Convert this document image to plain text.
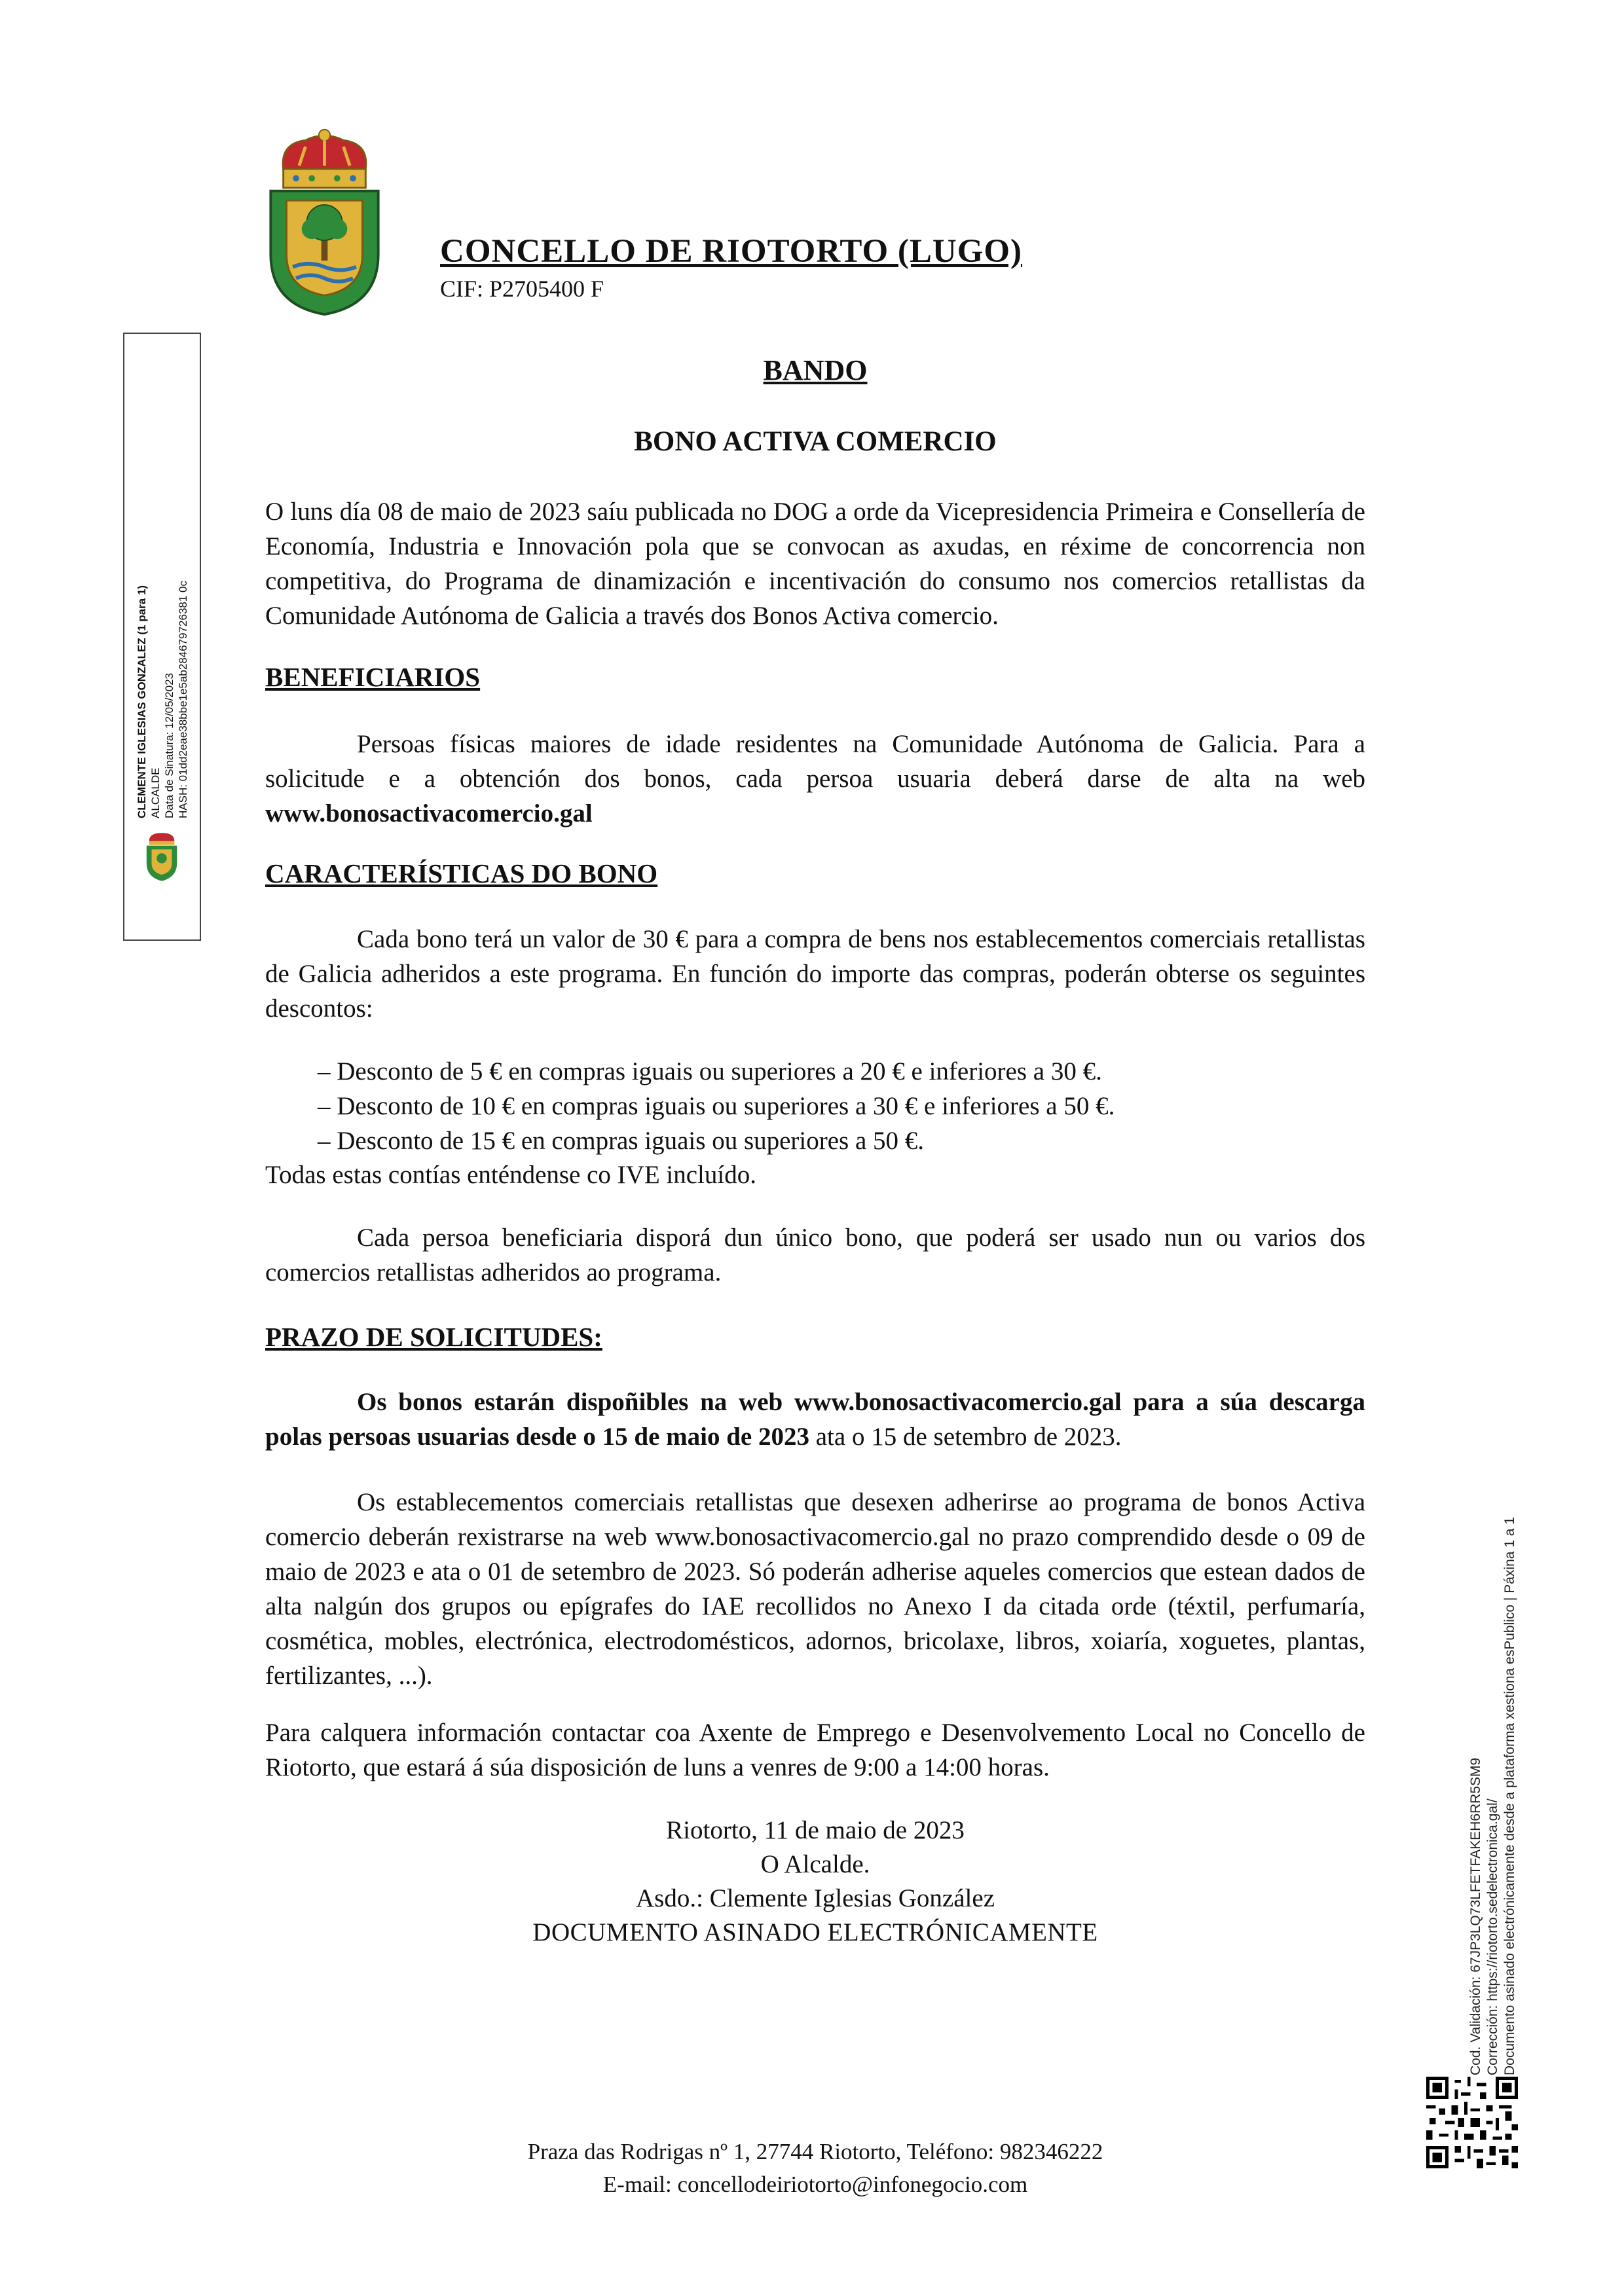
CONCELLO DE RIOTORTO (LUGO)
CIF: P2705400 F
BANDO
BONO ACTIVA COMERCIO
O luns día 08 de maio de 2023 saíu publicada no DOG a orde da Vicepresidencia Primeira e Consellería de Economía, Industria e Innovación pola que se convocan as axudas, en réxime de concorrencia non competitiva, do Programa de dinamización e incentivación do consumo nos comercios retallistas da Comunidade Autónoma de Galicia a través dos Bonos Activa comercio.
BENEFICIARIOS
Persoas físicas maiores de idade residentes na Comunidade Autónoma de Galicia. Para a solicitude e a obtención dos bonos, cada persoa usuaria deberá darse de alta na web www.bonosactivacomercio.gal
CARACTERÍSTICAS DO BONO
Cada bono terá un valor de 30 € para a compra de bens nos establecementos comerciais retallistas de Galicia adheridos a este programa. En función do importe das compras, poderán obterse os seguintes descontos:
– Desconto de 5 € en compras iguais ou superiores a 20 € e inferiores a 30 €.
– Desconto de 10 € en compras iguais ou superiores a 30 € e inferiores a 50 €.
– Desconto de 15 € en compras iguais ou superiores a 50 €.
Todas estas contías enténdense co IVE incluído.
Cada persoa beneficiaria disporá dun único bono, que poderá ser usado nun ou varios dos comercios retallistas adheridos ao programa.
PRAZO DE SOLICITUDES:
Os bonos estarán dispoñibles na web www.bonosactivacomercio.gal para a súa descarga polas persoas usuarias desde o 15 de maio de 2023 ata o 15 de setembro de 2023.
Os establecementos comerciais retallistas que desexen adherirse ao programa de bonos Activa comercio deberán rexistrarse na web www.bonosactivacomercio.gal no prazo comprendido desde o 09 de maio de 2023 e ata o 01 de setembro de 2023. Só poderán adherise aqueles comercios que estean dados de alta nalgún dos grupos ou epígrafes do IAE recollidos no Anexo I da citada orde (téxtil, perfumaría, cosmética, mobles, electrónica, electrodomésticos, adornos, bricolaxe, libros, xoiaría, xoguetes, plantas, fertilizantes, ...).
Para calquera información contactar coa Axente de Emprego e Desenvolvemento Local no Concello de Riotorto, que estará á súa disposición de luns a venres de 9:00 a 14:00 horas.
Riotorto, 11 de maio de 2023
O Alcalde.
Asdo.: Clemente Iglesias González
DOCUMENTO ASINADO ELECTRÓNICAMENTE
Praza das Rodrigas nº 1, 27744 Riotorto, Teléfono: 982346222
E-mail: concellodeiriotorto@infonegocio.com
CLEMENTE IGLESIAS GONZALEZ (1 para 1) ALCALDE Data de Sinatura: 12/05/2023 HASH: 01dd2eae38bbe1e5ab284679726381 0c
Cod. Validación: 67JP3LQ73LFETFAKEH6RR5SM9 Corrección: https://riotorto.sedelectronica.gal/ Documento asinado electrónicamente desde a plataforma xestiona esPublico | Páxina 1 a 1
